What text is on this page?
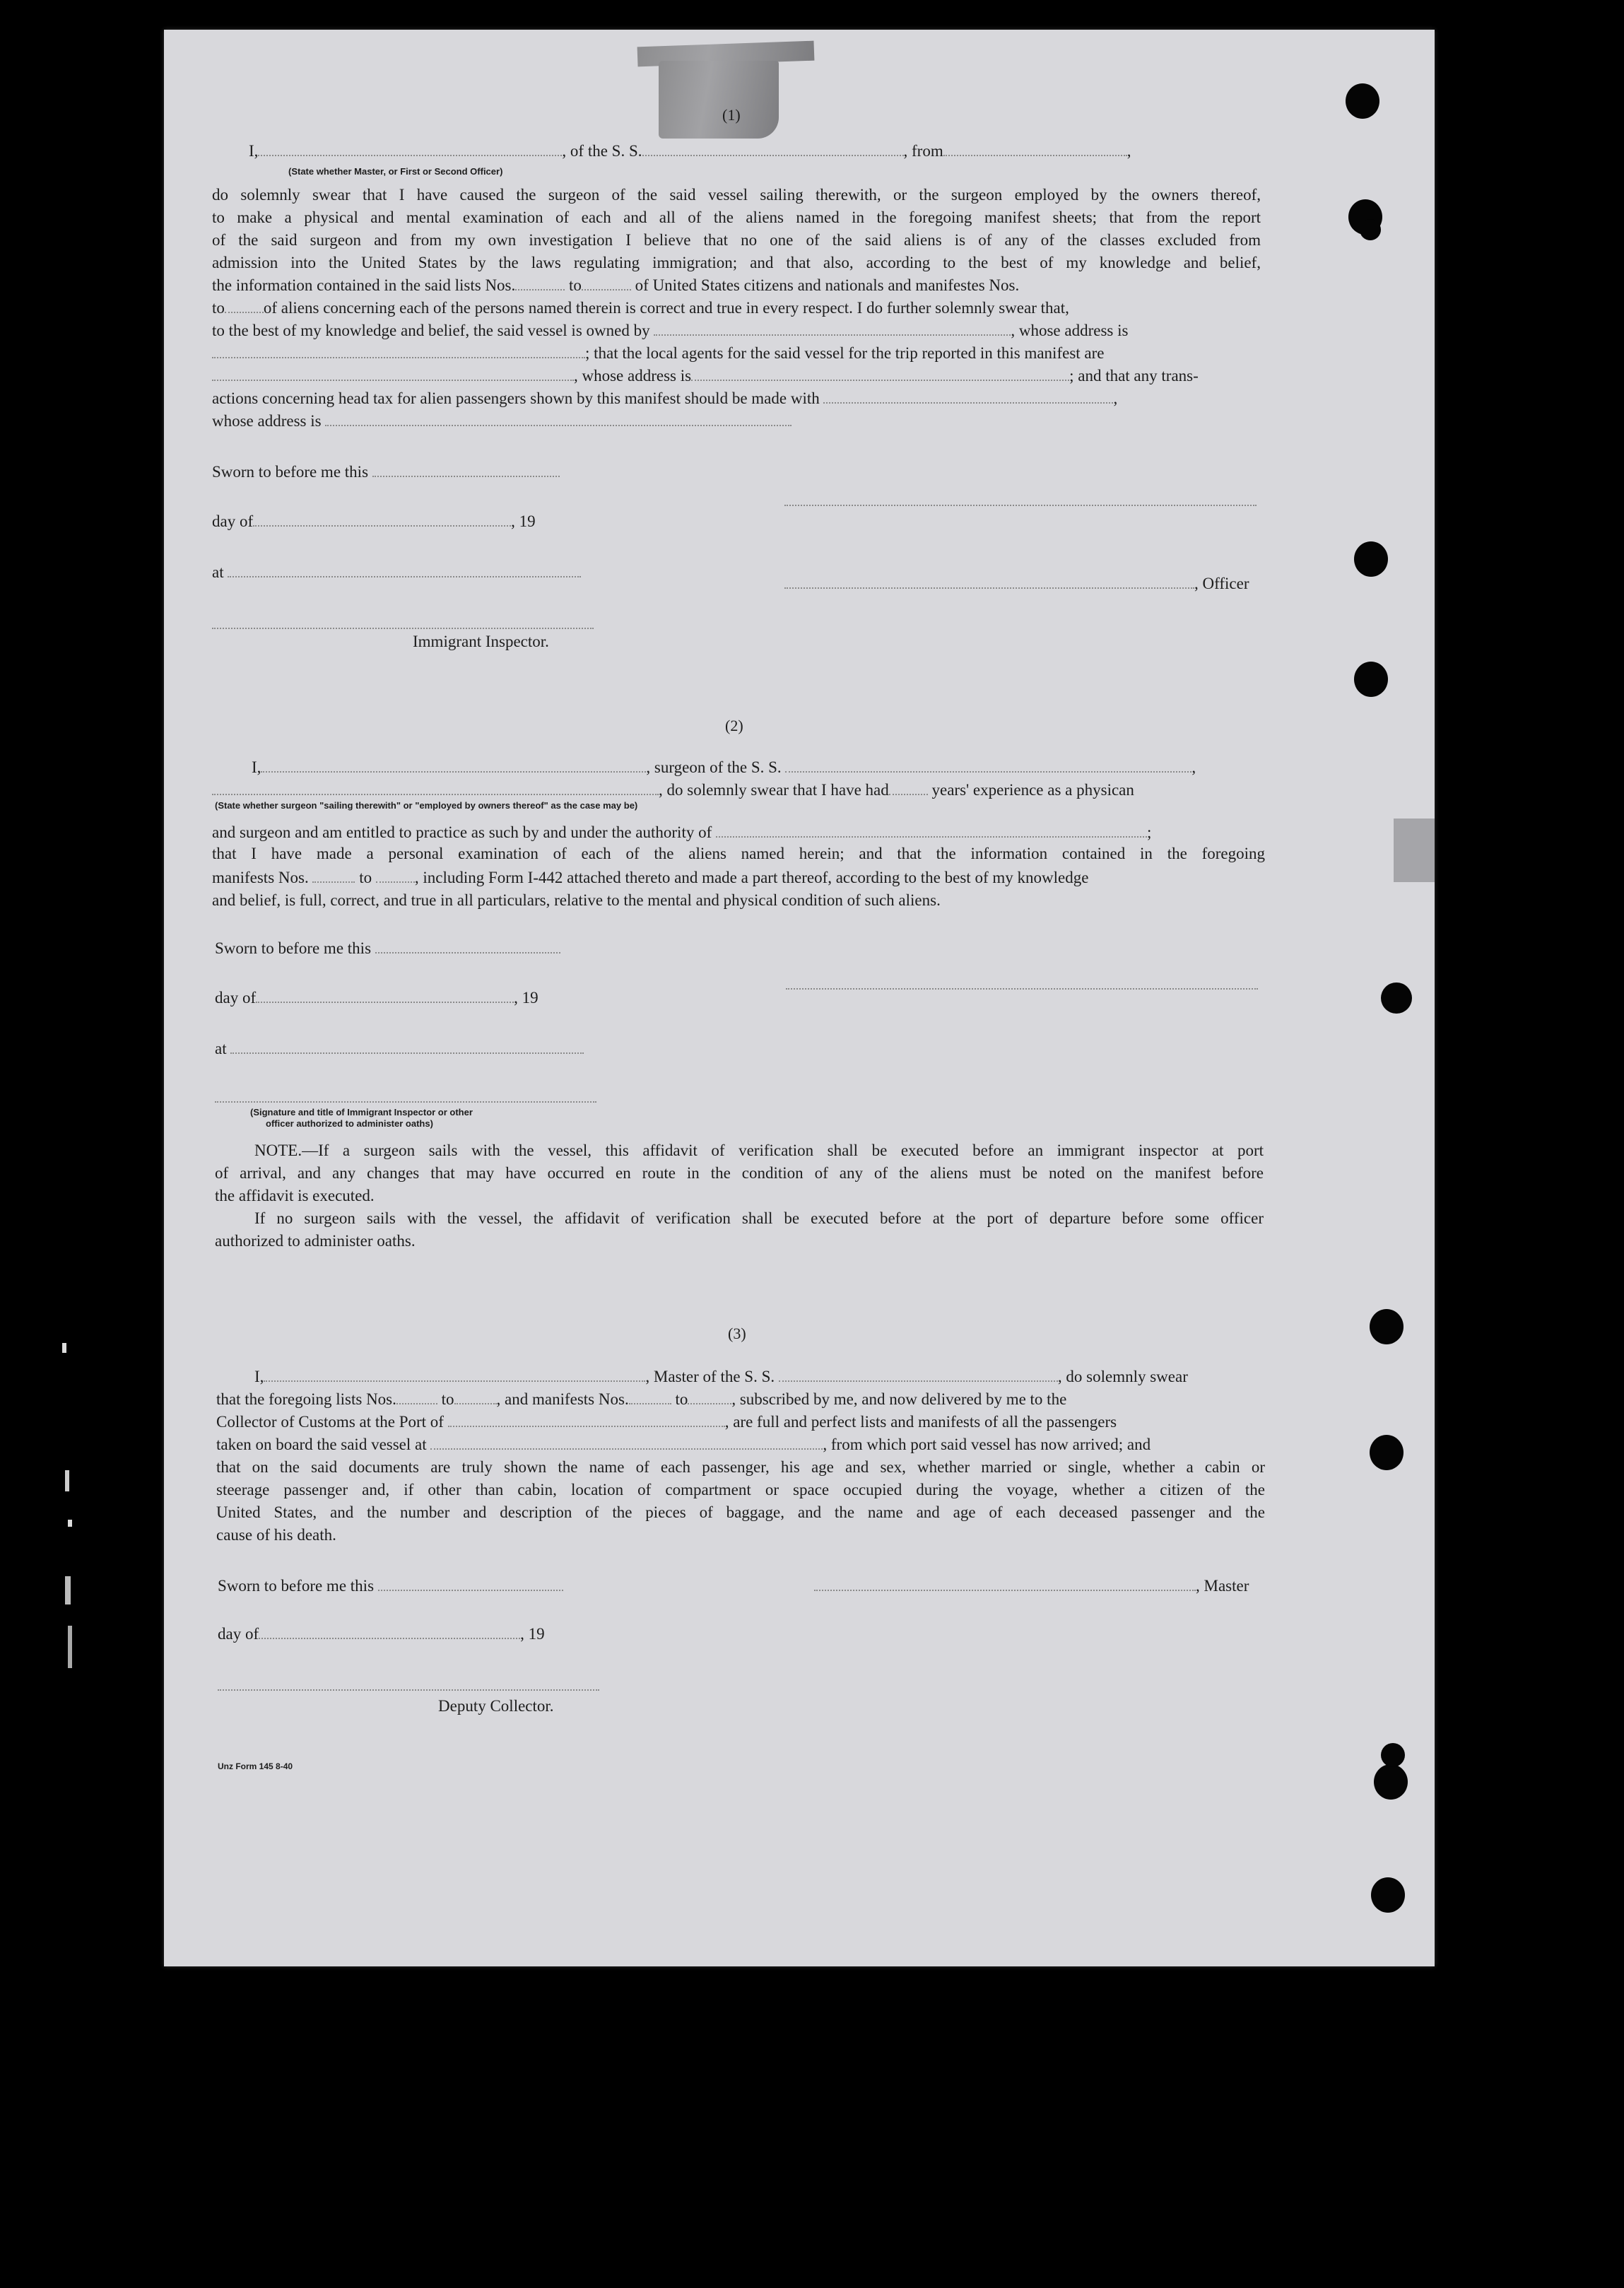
(1)
I,	, of the S. S.	, from	,
(State whether Master, or First or Second Officer)
do solemnly swear that I have caused the surgeon of the said vessel sailing therewith, or the surgeon employed by the owners thereof,
to make a physical and mental examination of each and all of the aliens named in the foregoing manifest sheets; that from the report
of the said surgeon and from my own investigation I believe that no one of the said aliens is of any of the classes excluded from
admission into the United States by the laws regulating immigration; and that also, according to the best of my knowledge and belief,
the information contained in the said lists Nos.	to	of United States citizens and nationals and manifestes Nos.
to of aliens concerning each of the persons named therein is correct and true in every respect. I do further solemnly swear that,
to the best of my knowledge and belief, the said vessel is owned by	, whose address is
; that the local agents for the said vessel for the trip reported in this manifest are
, whose address is	; and that any trans-
actions concerning head tax for alien passengers shown by this manifest should be made with	,
whose address is
Sworn to before me this
day of	, 19
at
, Officer
Immigrant Inspector.
(2)
I,	, surgeon of the S. S.	,
, do solemnly swear that I have had	years' experience as a physican
(State whether surgeon "sailing therewith" or "employed by owners thereof" as the case may be)
and surgeon and am entitled to practice as such by and under the authority of	;
that I have made a personal examination of each of the aliens named herein; and that the information contained in the foregoing
manifests Nos.	to	, including Form I-442 attached thereto and made a part thereof, according to the best of my knowledge
and belief, is full, correct, and true in all particulars, relative to the mental and physical condition of such aliens.
Sworn to before me this
day of	, 19
at
(Signature and title of Immigrant Inspector or other
officer authorized to administer oaths)
NOTE.—If a surgeon sails with the vessel, this affidavit of verification shall be executed before an immigrant inspector at port
of arrival, and any changes that may have occurred en route in the condition of any of the aliens must be noted on the manifest before
the affidavit is executed.
If no surgeon sails with the vessel, the affidavit of verification shall be executed before at the port of departure before some officer
authorized to administer oaths.
(3)
I,	, Master of the S. S.	, do solemnly swear
that the foregoing lists Nos.	to	, and manifests Nos.	to	, subscribed by me, and now delivered by me to the
Collector of Customs at the Port of	, are full and perfect lists and manifests of all the passengers
taken on board the said vessel at	, from which port said vessel has now arrived; and
that on the said documents are truly shown the name of each passenger, his age and sex, whether married or single, whether a cabin or
steerage passenger and, if other than cabin, location of compartment or space occupied during the voyage, whether a citizen of the
United States, and the number and description of the pieces of baggage, and the name and age of each deceased passenger and the
cause of his death.
Sworn to before me this	, Master
day of	, 19
Deputy Collector.
Unz Form 145 8-40
